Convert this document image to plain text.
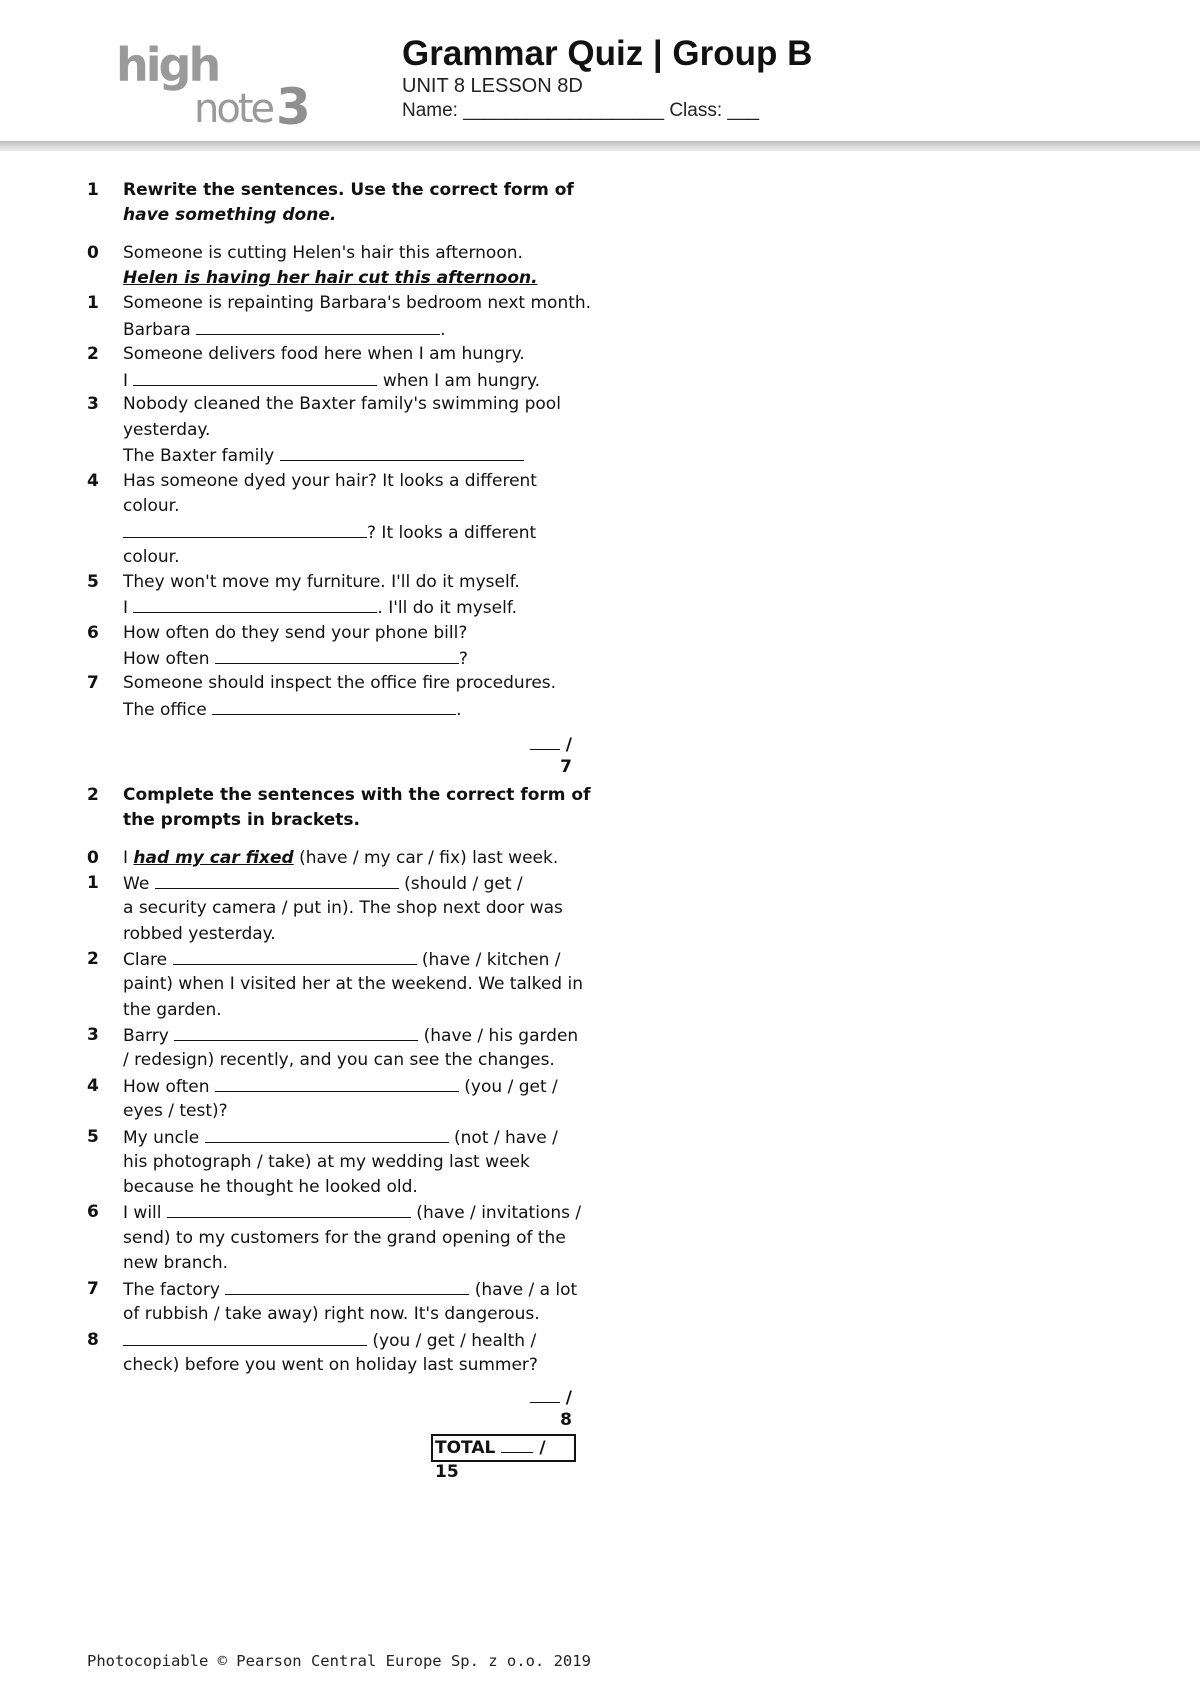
high
note 3
Grammar Quiz | Group B
UNIT 8 LESSON 8D
Name: ___________________ Class: ___
1	Rewrite the sentences. Use the correct form of
have something done.
0	Someone is cutting Helen's hair this afternoon.
Helen is having her hair cut this afternoon.
1	Someone is repainting Barbara's bedroom next month.
Barbara	.
2	Someone delivers food here when I am hungry.
I	when I am hungry.
3	Nobody cleaned the Baxter family's swimming pool
yesterday.
The Baxter family
4	Has someone dyed your hair? It looks a different
colour.
? It looks a different
colour.
5	They won't move my furniture. I'll do it myself.
I	. I'll do it myself.
6	How often do they send your phone bill?
How often	?
7	Someone should inspect the office fire procedures.
The office	.
/ 7
2	Complete the sentences with the correct form of
the prompts in brackets.
0	I had my car fixed (have / my car / fix) last week.
1	We	(should / get /
a security camera / put in). The shop next door was
robbed yesterday.
2	Clare	(have / kitchen /
paint) when I visited her at the weekend. We talked in
the garden.
3	Barry	(have / his garden
/ redesign) recently, and you can see the changes.
4	How often	(you / get /
eyes / test)?
5	My uncle	(not / have /
his photograph / take) at my wedding last week
because he thought he looked old.
6	I will	(have / invitations /
send) to my customers for the grand opening of the
new branch.
7	The factory	(have / a lot
of rubbish / take away) right now. It's dangerous.
8	(you / get / health /
check) before you went on holiday last summer?
/ 8
TOTAL	/ 15
Photocopiable © Pearson Central Europe Sp. z o.o. 2019
